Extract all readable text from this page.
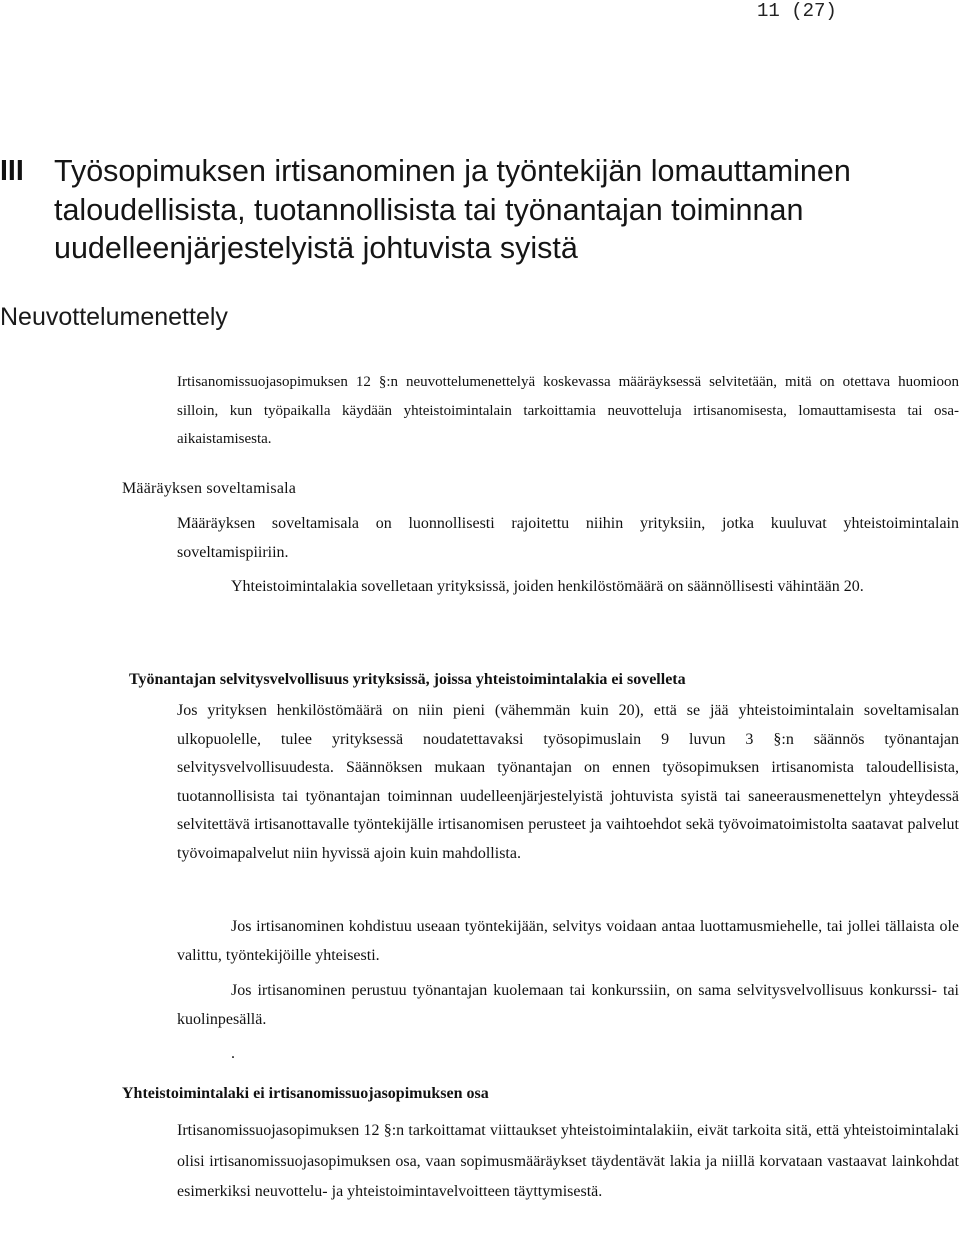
11 (27)
III Työsopimuksen irtisanominen ja työntekijän lomauttaminen taloudellisista, tuotannollisista tai työnantajan toiminnan uudelleenjärjestelyistä johtuvista syistä
Neuvottelumenettely
Irtisanomissuojasopimuksen 12 §:n neuvottelumenettelyä koskevassa määräyksessä selvitetään, mitä on otettava huomioon silloin, kun työpaikalla käydään yhteistoimintalain tarkoittamia neuvotteluja irtisanomisesta, lomauttamisesta tai osa-aikaistamisesta.
Määräyksen soveltamisala
Määräyksen soveltamisala on luonnollisesti rajoitettu niihin yrityksiin, jotka kuuluvat yhteistoimintalain soveltamispiiriin.
Yhteistoimintalakia sovelletaan yrityksissä, joiden henkilöstömäärä on säännöllisesti vähintään 20.
Työnantajan selvitysvelvollisuus yrityksissä, joissa yhteistoimintalakia ei sovelleta
Jos yrityksen henkilöstömäärä on niin pieni (vähemmän kuin 20), että se jää yhteistoimintalain soveltamisalan ulkopuolelle, tulee yrityksessä noudatettavaksi työsopimuslain 9 luvun 3 §:n säännös työnantajan selvitysvelvollisuudesta. Säännöksen mukaan työnantajan on ennen työsopimuksen irtisanomista taloudellisista, tuotannollisista tai työnantajan toiminnan uudelleenjärjestelyistä johtuvista syistä tai saneerausmenettelyn yhteydessä selvitettävä irtisanottavalle työntekijälle irtisanomisen perusteet ja vaihtoehdot sekä työvoimatoimistolta saatavat palvelut työvoimapalvelut niin hyvissä ajoin kuin mahdollista.
Jos irtisanominen kohdistuu useaan työntekijään, selvitys voidaan antaa luottamusmiehelle, tai jollei tällaista ole valittu, työntekijöille yhteisesti.
Jos irtisanominen perustuu työnantajan kuolemaan tai konkurssiin, on sama selvitysvelvollisuus konkurssi- tai kuolinpesällä.
.
Yhteistoimintalaki ei irtisanomissuojasopimuksen osa
Irtisanomissuojasopimuksen 12 §:n tarkoittamat viittaukset yhteistoimintalakiin, eivät tarkoita sitä, että yhteistoimintalaki olisi irtisanomissuojasopimuksen osa, vaan sopimusmääräykset täydentävät lakia ja niillä korvataan vastaavat lainkohdat esimerkiksi neuvottelu- ja yhteistoimintavelvoitteen täyttymisestä.
